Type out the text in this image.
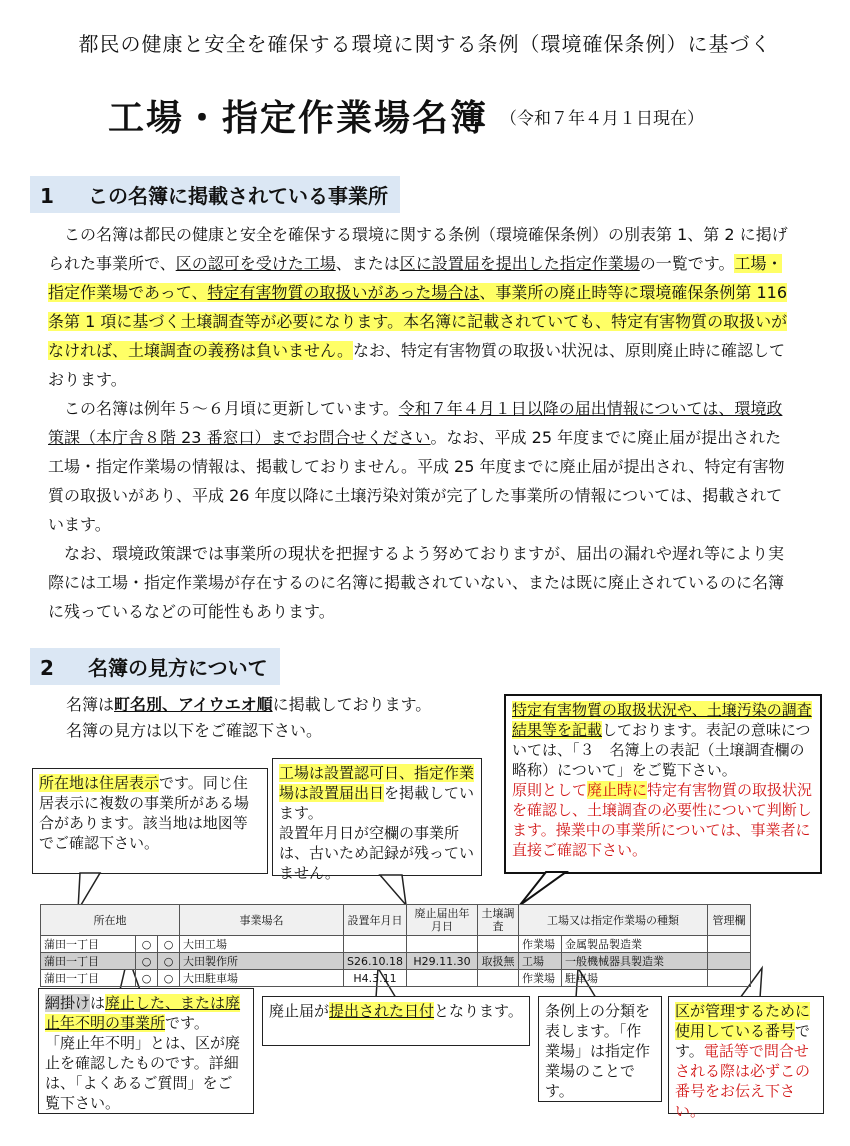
都民の健康と安全を確保する環境に関する条例（環境確保条例）に基づく
工場・指定作業場名簿 （令和７年４月１日現在）
1 この名簿に掲載されている事業所

この名簿は都民の健康と安全を確保する環境に関する条例（環境確保条例）の別表第 1、第 2 に掲げられた事業所で、区の認可を受けた工場、または区に設置届を提出した指定作業場の一覧です。工場・指定作業場であって、特定有害物質の取扱いがあった場合は、事業所の廃止時等に環境確保条例第 116 条第 1 項に基づく土壌調査等が必要になります。本名簿に記載されていても、特定有害物質の取扱いがなければ、土壌調査の義務は負いません。なお、特定有害物質の取扱い状況は、原則廃止時に確認しております。

この名簿は例年５～６月頃に更新しています。令和７年４月１日以降の届出情報については、環境政策課（本庁舎８階 23 番窓口）までお問合せください。なお、平成 25 年度までに廃止届が提出された工場・指定作業場の情報は、掲載しておりません。平成 25 年度までに廃止届が提出され、特定有害物質の取扱いがあり、平成 26 年度以降に土壌汚染対策が完了した事業所の情報については、掲載されています。

なお、環境政策課では事業所の現状を把握するよう努めておりますが、届出の漏れや遅れ等により実際には工場・指定作業場が存在するのに名簿に掲載されていない、または既に廃止されているのに名簿に残っているなどの可能性もあります。

2 名簿の見方について
名簿は町名別、アイウエオ順に掲載しております。
名簿の見方は以下をご確認下さい。
特定有害物質の取扱状況や、土壌汚染の調査結果等を記載しております。表記の意味については、「３　名簿上の表記（土壌調査欄の略称）について」をご覧下さい。
原則として廃止時に特定有害物質の取扱状況を確認し、土壌調査の必要性について判断します。操業中の事業所については、事業者に直接ご確認下さい。
所在地は住居表示です。同じ住居表示に複数の事業所がある場合があります。該当地は地図等でご確認下さい。
工場は設置認可日、指定作業場は設置届出日を掲載しています。
設置年月日が空欄の事業所は、古いため記録が残っていません。
所在地			事業場名	設置年月日	廃止届出年月日	土壌調査	工場又は指定作業場の種類		管理欄
蒲田一丁目	○	○	大田工場				作業場	金属製品製造業	
蒲田一丁目	○	○	大田製作所	S26.10.18	H29.11.30	取扱無	工場	一般機械器具製造業	
蒲田一丁目	○	○	大田駐車場	H4.3.11			作業場	駐車場	
網掛けは廃止した、または廃止年不明の事業所です。
「廃止年不明」とは、区が廃止を確認したものです。詳細は、「よくあるご質問」をご覧下さい。
廃止届が提出された日付となります。	条例上の分類を表します。「作業場」は指定作業場のことです。
区が管理するために使用している番号です。電話等で問合せされる際は必ずこの番号をお伝え下さい。
